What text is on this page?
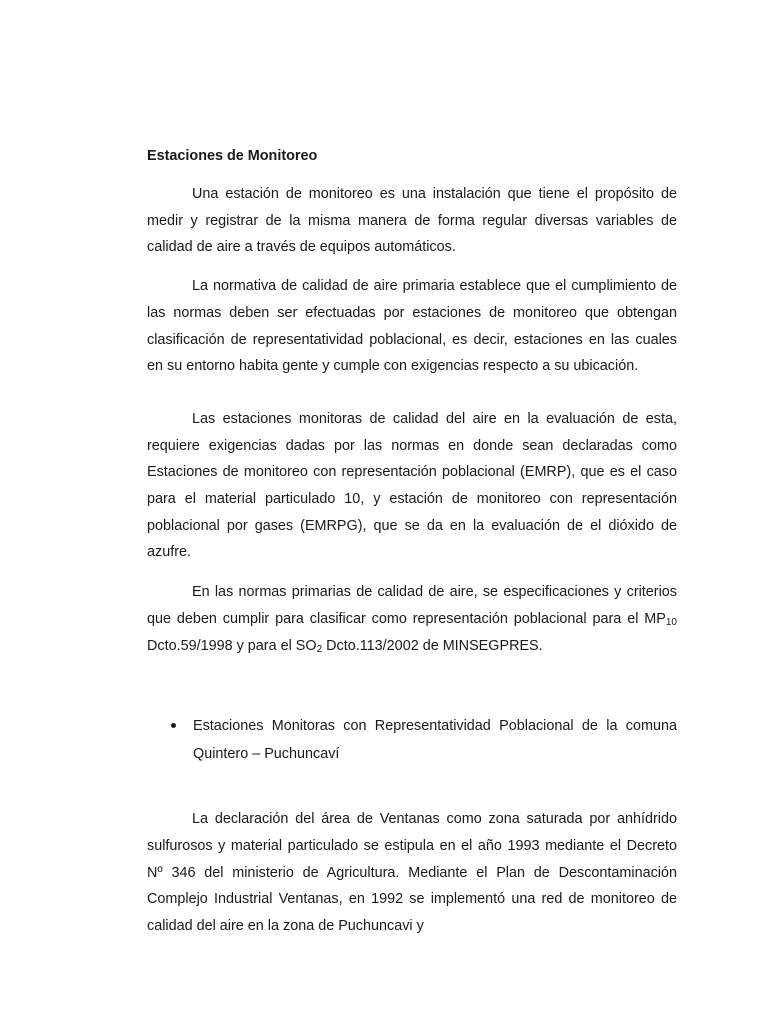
Estaciones de Monitoreo

Una estación de monitoreo es una instalación que tiene el propósito de medir y registrar de la misma manera de forma regular diversas variables de calidad de aire a través de equipos automáticos.

La normativa de calidad de aire primaria establece que el cumplimiento de las normas deben ser efectuadas por estaciones de monitoreo que obtengan clasificación de representatividad poblacional, es decir, estaciones en las cuales en su entorno habita gente y cumple con exigencias respecto a su ubicación.

Las estaciones monitoras de calidad del aire en la evaluación de esta, requiere exigencias dadas por las normas en donde sean declaradas como Estaciones de monitoreo con representación poblacional (EMRP), que es el caso para el material particulado 10, y estación de monitoreo con representación poblacional por gases (EMRPG), que se da en la evaluación de el dióxido de azufre.

En las normas primarias de calidad de aire, se especificaciones y criterios que deben cumplir para clasificar como representación poblacional para el $MP_{10}$ Dcto.59/1998 y para el $SO_2$ Dcto.113/2002 de MINSEGPRES.

Estaciones Monitoras con Representatividad Poblacional de la comuna Quintero – Puchuncaví

La declaración del área de Ventanas como zona saturada por anhídrido sulfurosos y material particulado se estipula en el año 1993 mediante el Decreto Nº 346 del ministerio de Agricultura. Mediante el Plan de Descontaminación Complejo Industrial Ventanas, en 1992 se implementó una red de monitoreo de calidad del aire en la zona de Puchuncavi y
